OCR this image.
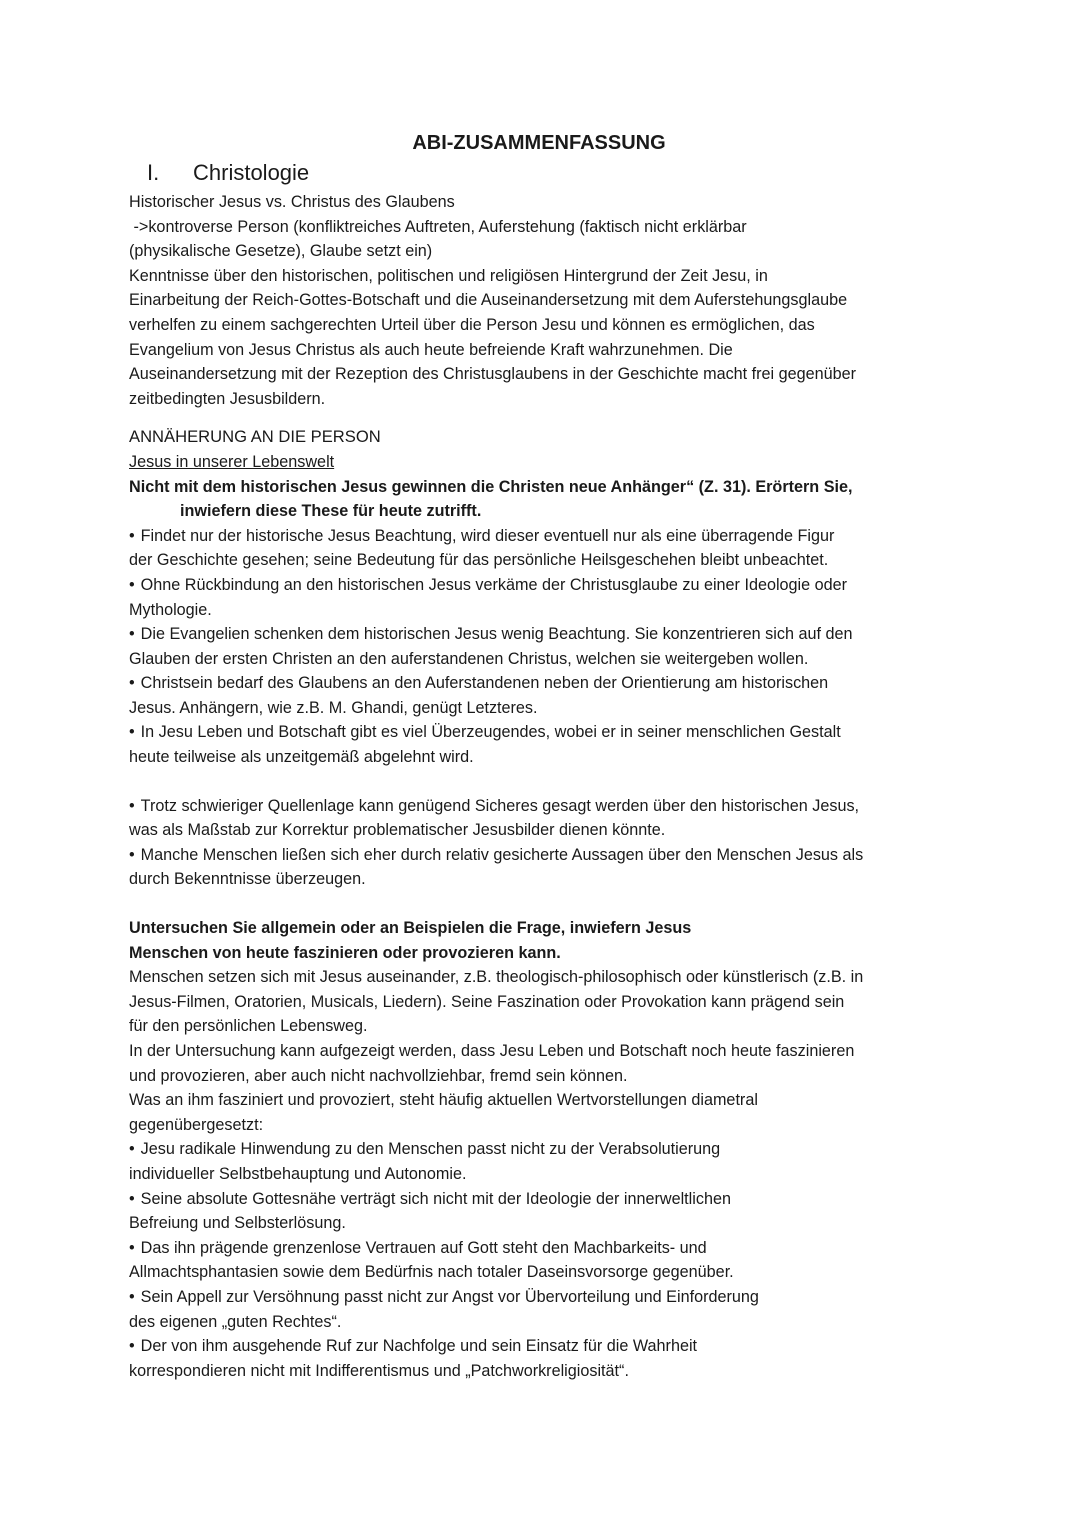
ABI-ZUSAMMENFASSUNG
I. Christologie

Historischer Jesus vs. Christus des Glaubens
->kontroverse Person (konfliktreiches Auftreten, Auferstehung (faktisch nicht erklärbar
(physikalische Gesetze), Glaube setzt ein)
Kenntnisse über den historischen, politischen und religiösen Hintergrund der Zeit Jesu, in
Einarbeitung der Reich-Gottes-Botschaft und die Auseinandersetzung mit dem Auferstehungsglaube
verhelfen zu einem sachgerechten Urteil über die Person Jesu und können es ermöglichen, das
Evangelium von Jesus Christus als auch heute befreiende Kraft wahrzunehmen. Die
Auseinandersetzung mit der Rezeption des Christusglaubens in der Geschichte macht frei gegenüber
zeitbedingten Jesusbildern.

ANNÄHERUNG AN DIE PERSON
Jesus in unserer Lebenswelt
Nicht mit dem historischen Jesus gewinnen die Christen neue Anhänger“ (Z. 31). Erörtern Sie,
inwiefern diese These für heute zutrifft.
• Findet nur der historische Jesus Beachtung, wird dieser eventuell nur als eine überragende Figur
der Geschichte gesehen; seine Bedeutung für das persönliche Heilsgeschehen bleibt unbeachtet.
• Ohne Rückbindung an den historischen Jesus verkäme der Christusglaube zu einer Ideologie oder
Mythologie.
• Die Evangelien schenken dem historischen Jesus wenig Beachtung. Sie konzentrieren sich auf den
Glauben der ersten Christen an den auferstandenen Christus, welchen sie weitergeben wollen.
• Christsein bedarf des Glaubens an den Auferstandenen neben der Orientierung am historischen
Jesus. Anhängern, wie z.B. M. Ghandi, genügt Letzteres.
• In Jesu Leben und Botschaft gibt es viel Überzeugendes, wobei er in seiner menschlichen Gestalt
heute teilweise als unzeitgemäß abgelehnt wird.
• Trotz schwieriger Quellenlage kann genügend Sicheres gesagt werden über den historischen Jesus,
was als Maßstab zur Korrektur problematischer Jesusbilder dienen könnte.
• Manche Menschen ließen sich eher durch relativ gesicherte Aussagen über den Menschen Jesus als
durch Bekenntnisse überzeugen.
Untersuchen Sie allgemein oder an Beispielen die Frage, inwiefern Jesus
Menschen von heute faszinieren oder provozieren kann.

Menschen setzen sich mit Jesus auseinander, z.B. theologisch-philosophisch oder künstlerisch (z.B. in
Jesus-Filmen, Oratorien, Musicals, Liedern). Seine Faszination oder Provokation kann prägend sein
für den persönlichen Lebensweg.
In der Untersuchung kann aufgezeigt werden, dass Jesu Leben und Botschaft noch heute faszinieren
und provozieren, aber auch nicht nachvollziehbar, fremd sein können.
Was an ihm fasziniert und provoziert, steht häufig aktuellen Wertvorstellungen diametral
gegenübergesetzt:

• Jesu radikale Hinwendung zu den Menschen passt nicht zu der Verabsolutierung
individueller Selbstbehauptung und Autonomie.
• Seine absolute Gottesnähe verträgt sich nicht mit der Ideologie der innerweltlichen
Befreiung und Selbsterlösung.
• Das ihn prägende grenzenlose Vertrauen auf Gott steht den Machbarkeits- und
Allmachtsphantasien sowie dem Bedürfnis nach totaler Daseinsvorsorge gegenüber.
• Sein Appell zur Versöhnung passt nicht zur Angst vor Übervorteilung und Einforderung
des eigenen „guten Rechtes“.
• Der von ihm ausgehende Ruf zur Nachfolge und sein Einsatz für die Wahrheit
korrespondieren nicht mit Indifferentismus und „Patchworkreligiosität“.
